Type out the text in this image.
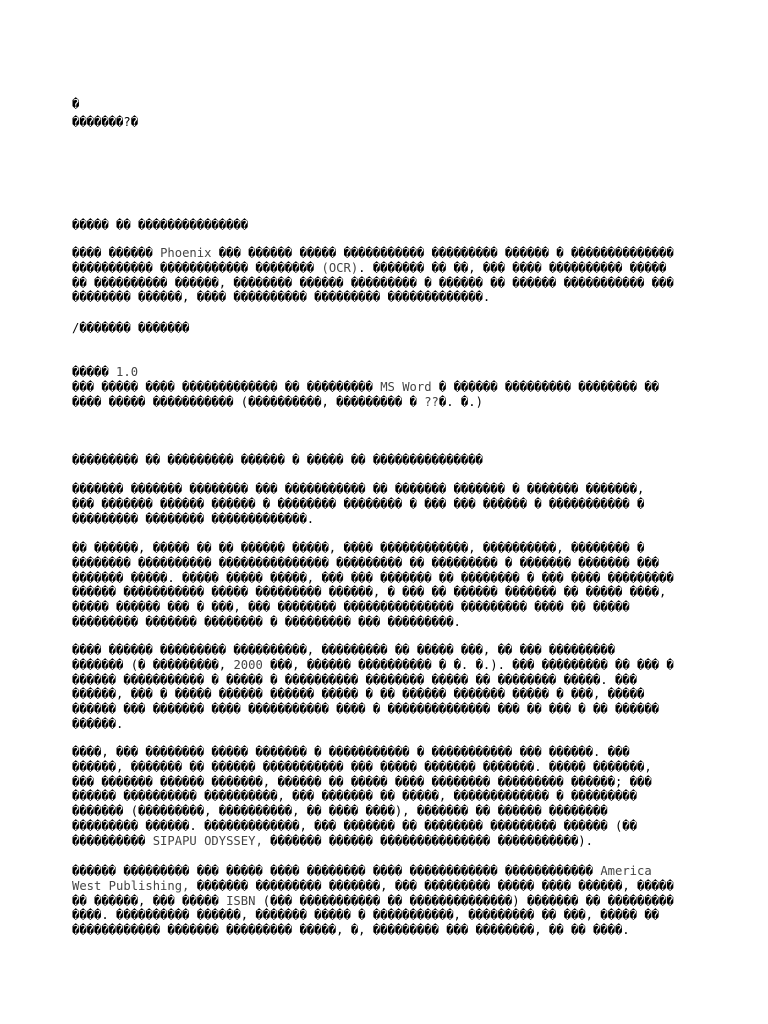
�

�������?�

����� �� ���������������

���� ������ Phoenix ��� ������ ����� ����������� ��������� ������ � ��������������
����������� ������������ �������� (OCR). ������� �� ��, ��� ���� ���������� �����
�� ���������� ������, �������� ������ ��������� � ������ �� ������ ����������� ���
�������� ������, ���� ���������� ��������� �������������.

/������� �������

����� 1.0
��� ����� ���� ������������� �� ��������� MS Word � ������ ��������� �������� ��
���� ����� ����������� (����������, ��������� � ??�. �.)

��������� �� ��������� ������ � ����� �� ���������������

������� ������� �������� ��� ����������� �� ������� ������� � ������� �������,
��� ������� ������ ������ � �������� �������� � ��� ��� ������ � ����������� �
��������� �������� �������������.
�� ������, ����� �� �� ������ �����, ���� ������������, ����������, �������� �
�������� ���������� ��������������� ��������� �� ��������� � ������� ������� ���
������� �����. ����� ����� �����, ��� ��� ������� �� �������� � ��� ���� ���������
������ ����������� ����� ��������� ������, � ��� �� ������ ������� �� ����� ����,
����� ������ ��� � ���, ��� �������� ��������������� ��������� ���� �� �����
��������� ������� �������� � ��������� ��� ���������.
���� ������ ��������� ����������, ��������� �� ����� ���, �� ��� ���������
������� (� ���������, 2000 ���, ������ ���������� � �. �.). ��� ��������� �� ��� �
������ ����������� � ����� � ���������� �������� ����� �� �������� �����. ���
������, ��� � ����� ������ ������ ����� � �� ������ ������� ����� � ���, �����
������ ��� ������� ���� ����������� ���� � �������������� ��� �� ��� � �� ������
������.
����, ��� �������� ����� ������� � ����������� � ����������� ��� ������. ���
������, ������� �� ������ ����������� ��� ����� ������� �������. ����� �������,
��� ������� ������ �������, ������ �� ����� ���� �������� ��������� ������; ���
������ ���������� ����������, ��� ������� �� �����, ������������� � ���������
������� (���������, ����������, �� ���� ����), ������� �� ������ ��������
��������� ������. �������������, ��� ������� �� �������� ��������� ������ (��
���������� SIPAPU ODYSSEY, ������� ������ ��������������� �����������).
������ ��������� ��� ����� ���� �������� ���� ������������ ������������ America
West Publishing, ������� ��������� �������, ��� ��������� ����� ���� ������, �����
�� ������, ��� ����� ISBN (��� ����������� �� ��������������) ������� �� ���������
����. ���������� ������, ������� ����� � �����������, ��������� �� ���, ����� ��
������������ ������� ��������� �����, �, ��������� ��� ��������, �� �� ����.
